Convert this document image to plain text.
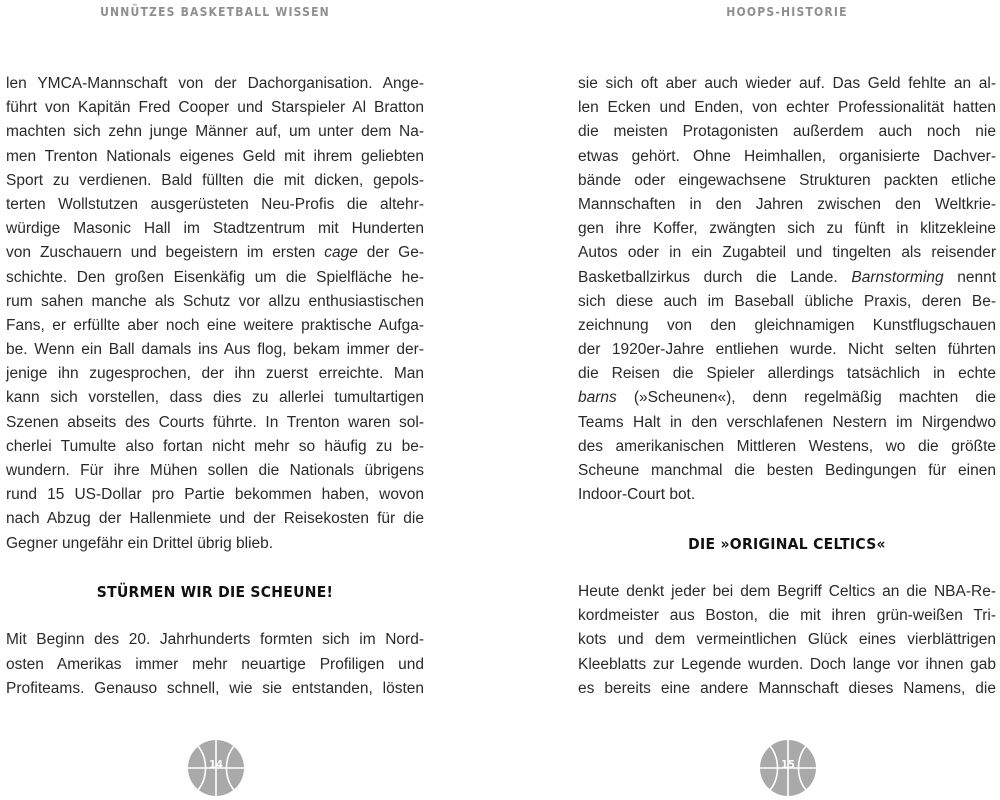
UNNÜTZES BASKETBALL WISSEN
len YMCA-Mannschaft von der Dachorganisation. Ange-
führt von Kapitän Fred Cooper und Starspieler Al Bratton
machten sich zehn junge Männer auf, um unter dem Na-
men Trenton Nationals eigenes Geld mit ihrem geliebten
Sport zu verdienen. Bald füllten die mit dicken, gepols-
terten Wollstutzen ausgerüsteten Neu-Profis die altehr-
würdige Masonic Hall im Stadtzentrum mit Hunderten
von Zuschauern und begeistern im ersten cage der Ge-
schichte. Den großen Eisenkäfig um die Spielfläche he-
rum sahen manche als Schutz vor allzu enthusiastischen
Fans, er erfüllte aber noch eine weitere praktische Aufga-
be. Wenn ein Ball damals ins Aus flog, bekam immer der-
jenige ihn zugesprochen, der ihn zuerst erreichte. Man
kann sich vorstellen, dass dies zu allerlei tumultartigen
Szenen abseits des Courts führte. In Trenton waren sol-
cherlei Tumulte also fortan nicht mehr so häufig zu be-
wundern. Für ihre Mühen sollen die Nationals übrigens
rund 15 US-Dollar pro Partie bekommen haben, wovon
nach Abzug der Hallenmiete und der Reisekosten für die
Gegner ungefähr ein Drittel übrig blieb.
STÜRMEN WIR DIE SCHEUNE!
Mit Beginn des 20. Jahrhunderts formten sich im Nord-
osten Amerikas immer mehr neuartige Profiligen und
Profiteams. Genauso schnell, wie sie entstanden, lösten
14
HOOPS-HISTORIE
sie sich oft aber auch wieder auf. Das Geld fehlte an al-
len Ecken und Enden, von echter Professionalität hatten
die meisten Protagonisten außerdem auch noch nie
etwas gehört. Ohne Heimhallen, organisierte Dachver-
bände oder eingewachsene Strukturen packten etliche
Mannschaften in den Jahren zwischen den Weltkrie-
gen ihre Koffer, zwängten sich zu fünft in klitzekleine
Autos oder in ein Zugabteil und tingelten als reisender
Basketballzirkus durch die Lande. Barnstorming nennt
sich diese auch im Baseball übliche Praxis, deren Be-
zeichnung von den gleichnamigen Kunstflugschauen
der 1920er-Jahre entliehen wurde. Nicht selten führten
die Reisen die Spieler allerdings tatsächlich in echte
barns (»Scheunen«), denn regelmäßig machten die
Teams Halt in den verschlafenen Nestern im Nirgendwo
des amerikanischen Mittleren Westens, wo die größte
Scheune manchmal die besten Bedingungen für einen
Indoor-Court bot.
DIE »ORIGINAL CELTICS«
Heute denkt jeder bei dem Begriff Celtics an die NBA-Re-
kordmeister aus Boston, die mit ihren grün-weißen Tri-
kots und dem vermeintlichen Glück eines vierblättrigen
Kleeblatts zur Legende wurden. Doch lange vor ihnen gab
es bereits eine andere Mannschaft dieses Namens, die
15
